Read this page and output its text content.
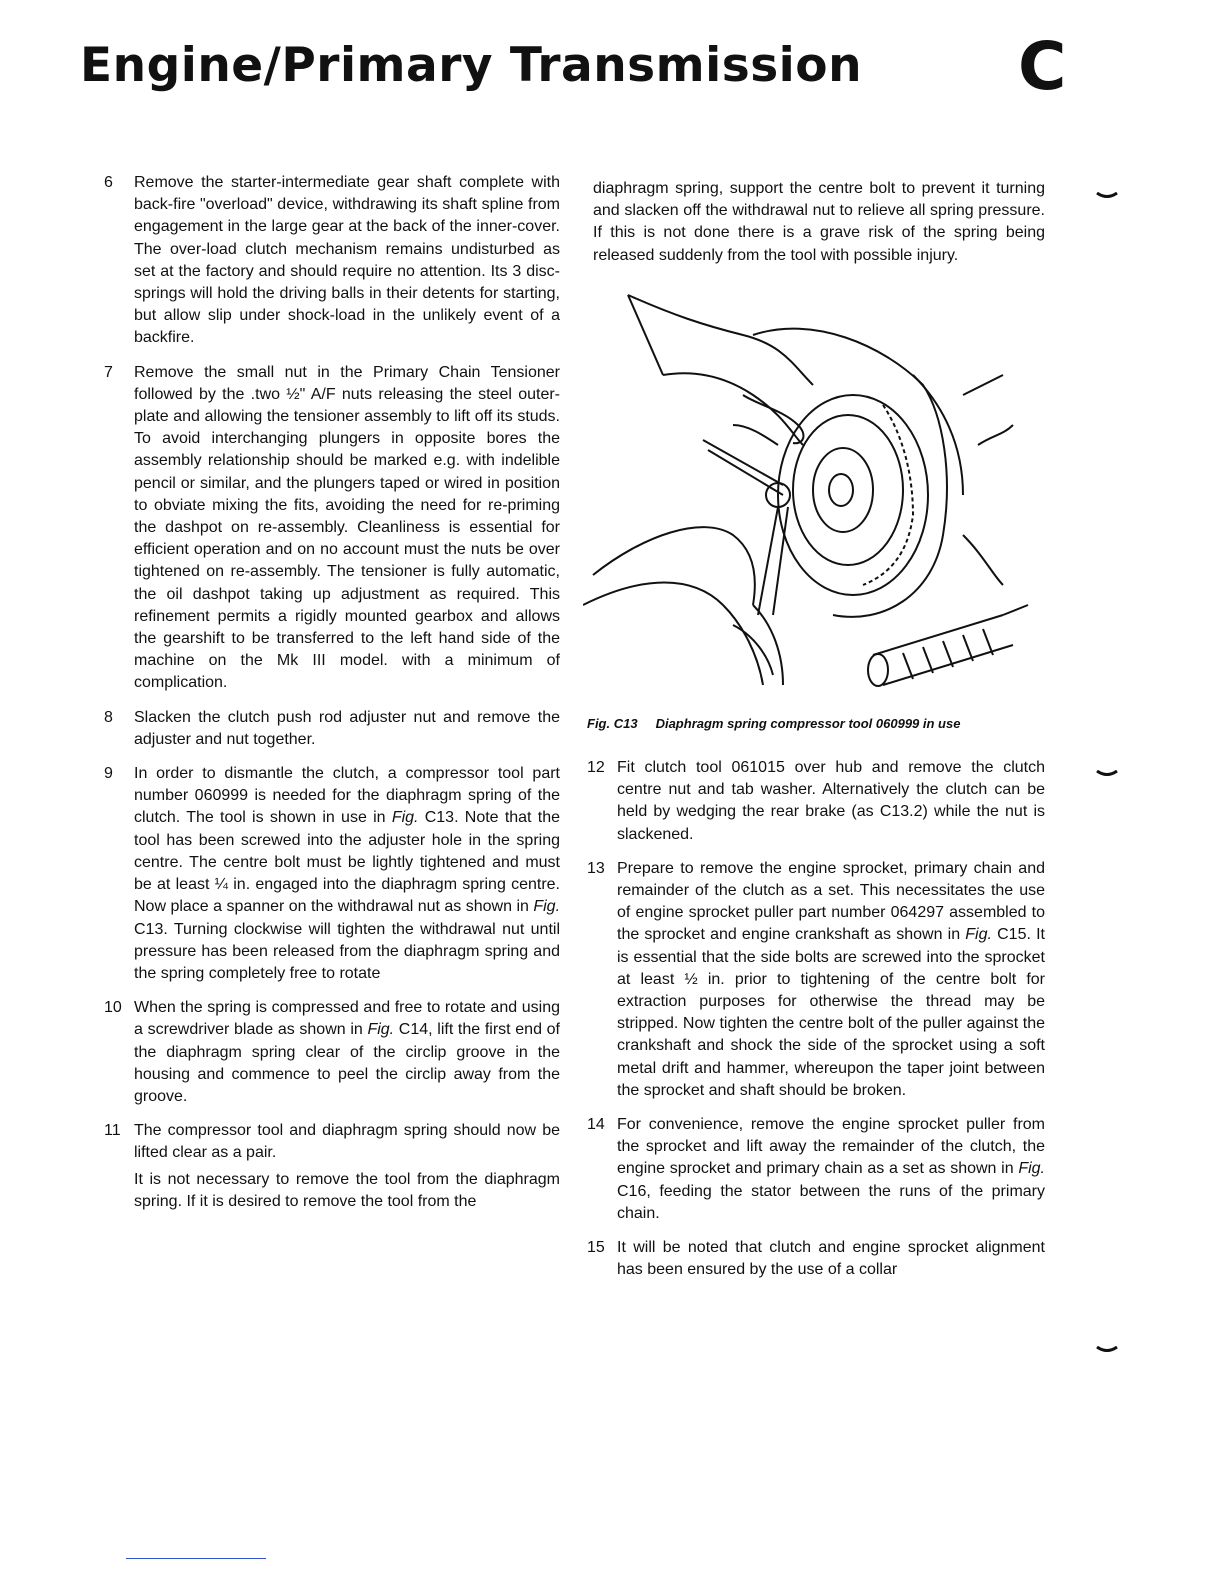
Engine/Primary Transmission C
6	Remove the starter-intermediate gear shaft complete with back-fire "overload" device, withdrawing its shaft spline from engagement in the large gear at the back of the inner-cover. The over-load clutch mechanism remains undisturbed as set at the factory and should require no attention. Its 3 disc-springs will hold the driving balls in their detents for starting, but allow slip under shock-load in the unlikely event of a backfire.
7	Remove the small nut in the Primary Chain Tensioner followed by the .two ½" A/F nuts releasing the steel outer-plate and allowing the tensioner assembly to lift off its studs. To avoid interchanging plungers in opposite bores the assembly relationship should be marked e.g. with indelible pencil or similar, and the plungers taped or wired in position to obviate mixing the fits, avoiding the need for re-priming the dashpot on re-assembly. Cleanliness is essential for efficient operation and on no account must the nuts be over tightened on re-assembly. The tensioner is fully automatic, the oil dashpot taking up adjustment as required. This refinement permits a rigidly mounted gearbox and allows the gearshift to be transferred to the left hand side of the machine on the Mk III model. with a minimum of complication.
8	Slacken the clutch push rod adjuster nut and remove the adjuster and nut together.
9	In order to dismantle the clutch, a compressor tool part number 060999 is needed for the diaphragm spring of the clutch. The tool is shown in use in Fig. C13. Note that the tool has been screwed into the adjuster hole in the spring centre. The centre bolt must be lightly tightened and must be at least ¼ in. engaged into the diaphragm spring centre. Now place a spanner on the withdrawal nut as shown in Fig. C13. Turning clockwise will tighten the withdrawal nut until pressure has been released from the diaphragm spring and the spring completely free to rotate
10 When the spring is compressed and free to rotate and using a screwdriver blade as shown in Fig. C14, lift the first end of the diaphragm spring clear of the circlip groove in the housing and commence to peel the circlip away from the groove.
11 The compressor tool and diaphragm spring should now be lifted clear as a pair.
It is not necessary to remove the tool from the diaphragm spring. If it is desired to remove the tool from the
diaphragm spring, support the centre bolt to prevent it turning and slacken off the withdrawal nut to relieve all spring pressure. If this is not done there is a grave risk of the spring being released suddenly from the tool with possible injury.
Fig. C13 Diaphragm spring compressor tool 060999 in use
12 Fit clutch tool 061015 over hub and remove the clutch centre nut and tab washer. Alternatively the clutch can be held by wedging the rear brake (as C13.2) while the nut is slackened.
13 Prepare to remove the engine sprocket, primary chain and remainder of the clutch as a set. This necessitates the use of engine sprocket puller part number 064297 assembled to the sprocket and engine crankshaft as shown in Fig. C15. It is essential that the side bolts are screwed into the sprocket at least ½ in. prior to tightening of the centre bolt for extraction purposes for otherwise the thread may be stripped. Now tighten the centre bolt of the puller against the crankshaft and shock the side of the sprocket using a soft metal drift and hammer, whereupon the taper joint between the sprocket and shaft should be broken.
14 For convenience, remove the engine sprocket puller from the sprocket and lift away the remainder of the clutch, the engine sprocket and primary chain as a set as shown in Fig. C16, feeding the stator between the runs of the primary chain.
15 It will be noted that clutch and engine sprocket alignment has been ensured by the use of a collar
